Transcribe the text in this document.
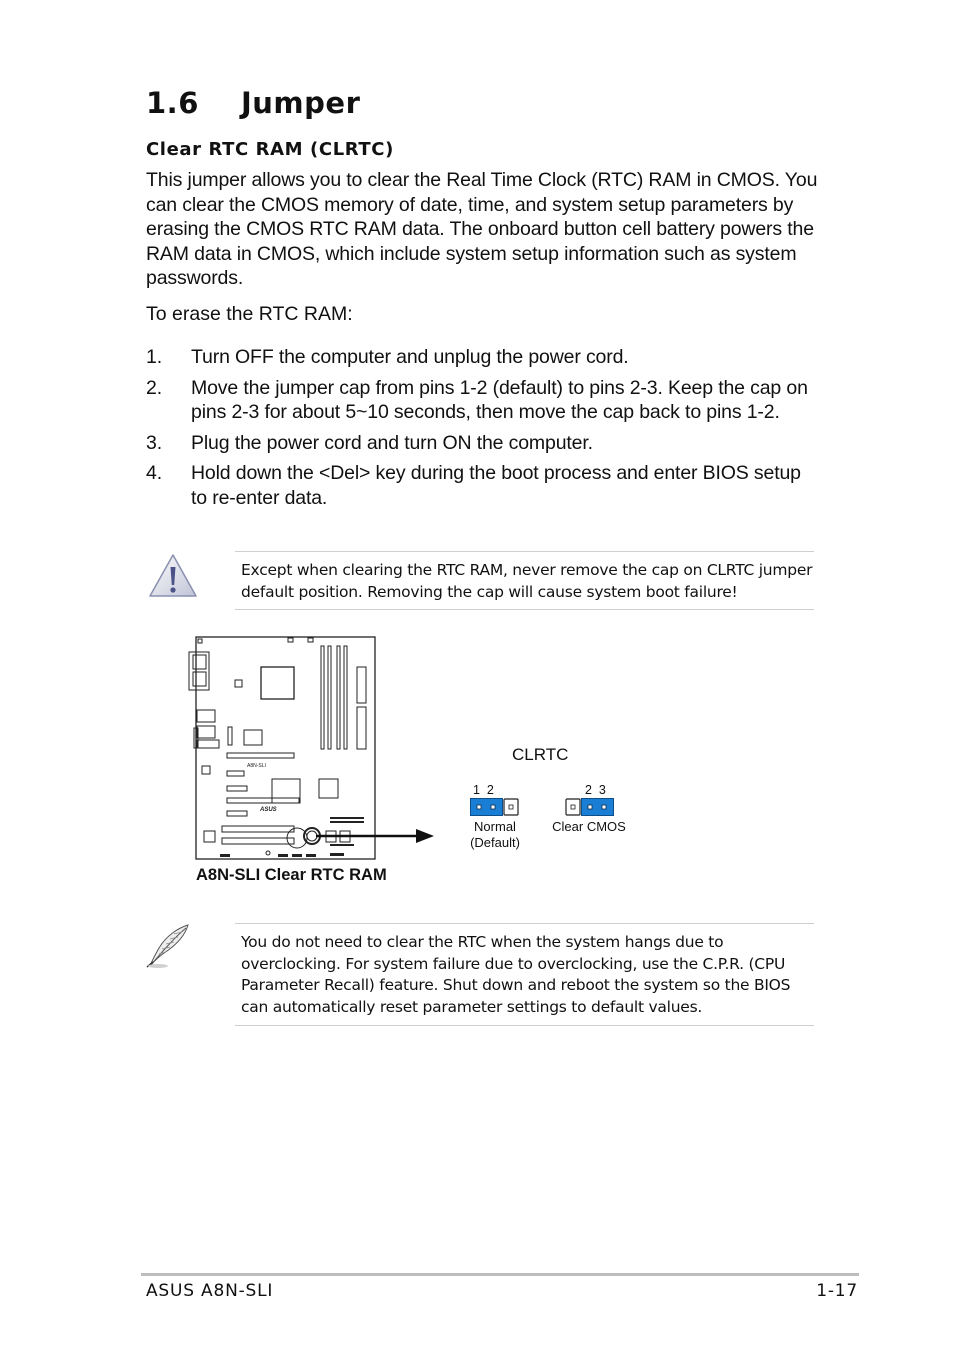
1.6 Jumper
Clear RTC RAM (CLRTC)

This jumper allows you to clear the Real Time Clock (RTC) RAM in CMOS. You can clear the CMOS memory of date, time, and system setup parameters by erasing the CMOS RTC RAM data. The onboard button cell battery powers the RAM data in CMOS, which include system setup information such as system passwords.

To erase the RTC RAM:

1.	Turn OFF the computer and unplug the power cord.
2.	Move the jumper cap from pins 1-2 (default) to pins 2-3. Keep the cap on pins 2-3 for about 5~10 seconds, then move the cap back to pins 1-2.
3.	Plug the power cord and turn ON the computer.
4.	Hold down the <Del> key during the boot process and enter BIOS setup to re-enter data.

Except when clearing the RTC RAM, never remove the cap on CLRTC jumper default position. Removing the cap will cause system boot failure!

A8N-SLI
ASUS
CLRTC
1  2	2  3
Normal
(Default)
Clear CMOS
A8N-SLI Clear RTC RAM

You do not need to clear the RTC when the system hangs due to overclocking. For system failure due to overclocking, use the C.P.R. (CPU Parameter Recall) feature. Shut down and reboot the system so the BIOS can automatically reset parameter settings to default values.

ASUS A8N-SLI	1-17
